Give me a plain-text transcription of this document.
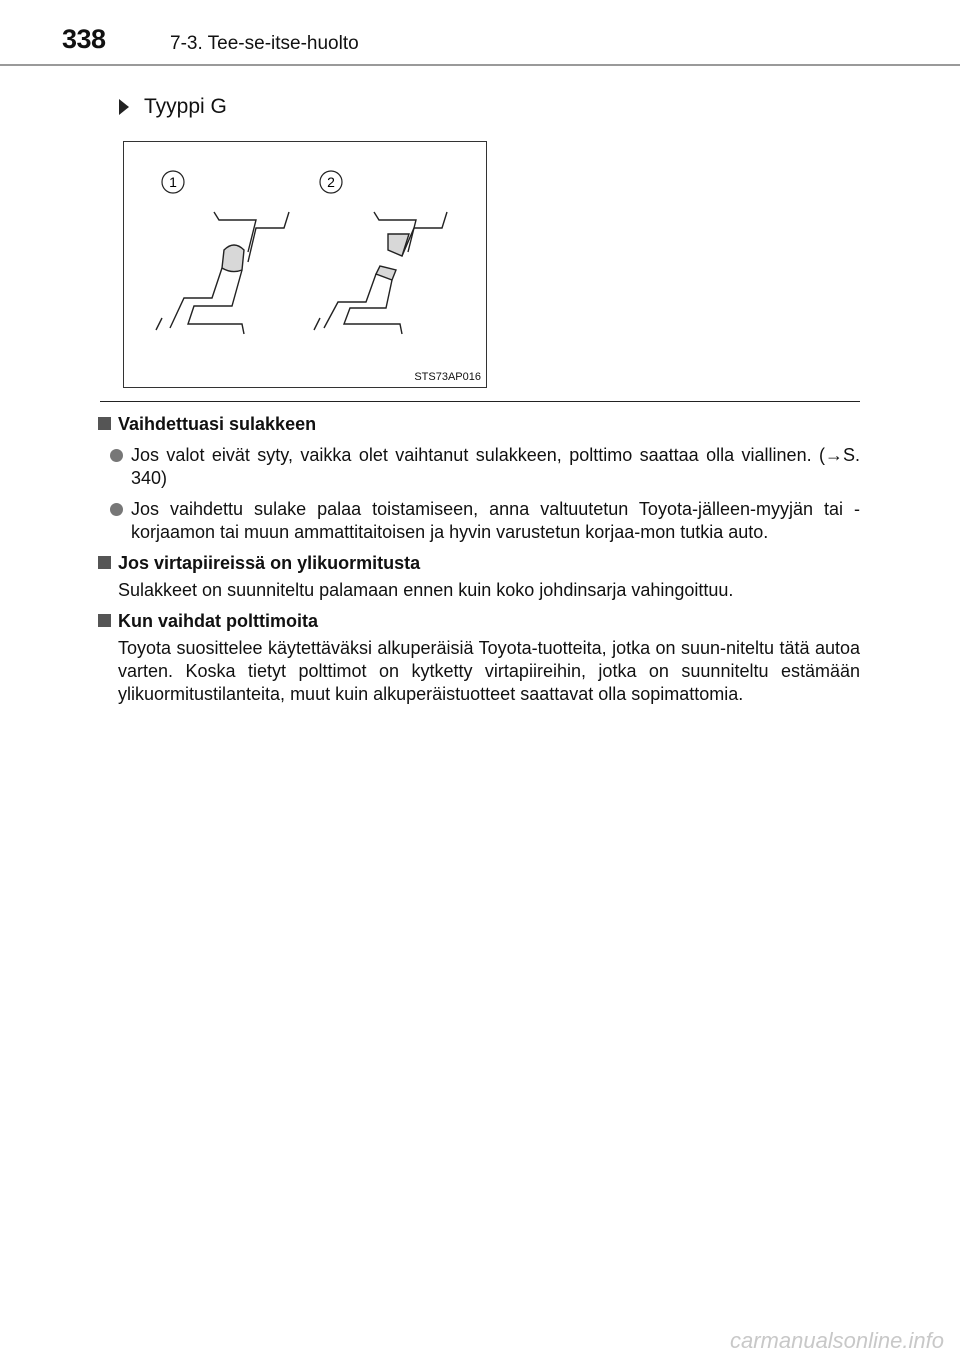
338	7-3. Tee-se-itse-huolto
Tyyppi G
1	2
STS73AP016
Vaihdettuasi sulakkeen
Jos valot eivät syty, vaikka olet vaihtanut sulakkeen, polttimo saattaa olla viallinen. (→S. 340)
Jos vaihdettu sulake palaa toistamiseen, anna valtuutetun Toyota-jälleen-myyjän tai -korjaamon tai muun ammattitaitoisen ja hyvin varustetun korjaa-mon tutkia auto.
Jos virtapiireissä on ylikuormitusta
Sulakkeet on suunniteltu palamaan ennen kuin koko johdinsarja vahingoittuu.
Kun vaihdat polttimoita
Toyota suosittelee käytettäväksi alkuperäisiä Toyota-tuotteita, jotka on suun-niteltu tätä autoa varten. Koska tietyt polttimot on kytketty virtapiireihin, jotka on suunniteltu estämään ylikuormitustilanteita, muut kuin alkuperäistuotteet saattavat olla sopimattomia.
carmanualsonline.info
